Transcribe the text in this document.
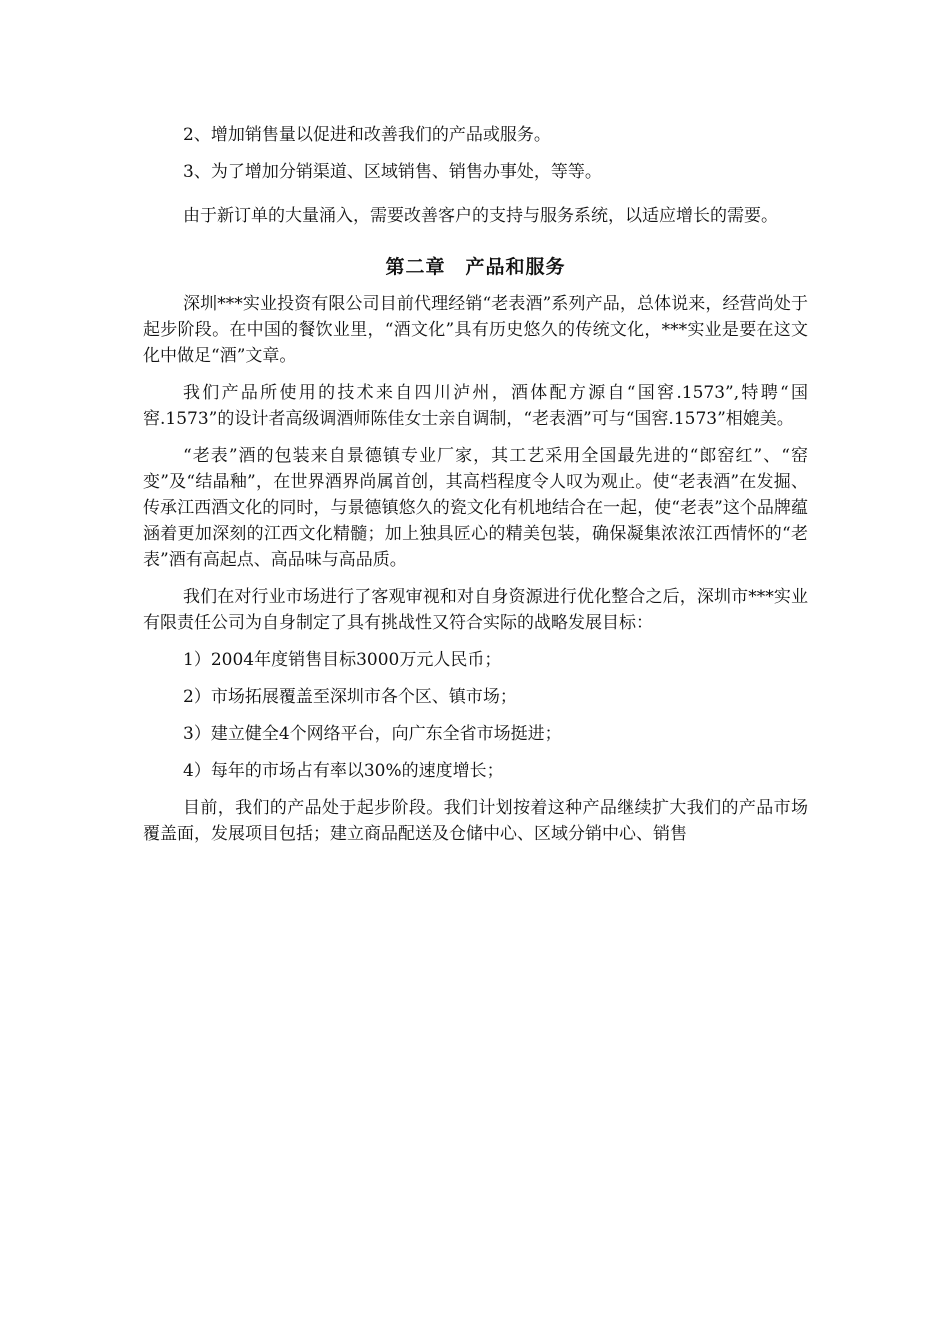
2、增加销售量以促进和改善我们的产品或服务。

3、为了增加分销渠道、区域销售、销售办事处，等等。

由于新订单的大量涌入，需要改善客户的支持与服务系统，以适应增长的需要。

第二章　产品和服务

深圳***实业投资有限公司目前代理经销“老表酒”系列产品，总体说来，经营尚处于起步阶段。在中国的餐饮业里，“酒文化”具有历史悠久的传统文化，***实业是要在这文化中做足“酒”文章。

我们产品所使用的技术来自四川泸州，酒体配方源自“国窖.1573”,特聘“国窖.1573”的设计者高级调酒师陈佳女士亲自调制，“老表酒”可与“国窖.1573”相媲美。

“老表”酒的包装来自景德镇专业厂家，其工艺采用全国最先进的“郎窑红”、“窑变”及“结晶釉”，在世界酒界尚属首创，其高档程度令人叹为观止。使“老表酒”在发掘、传承江西酒文化的同时，与景德镇悠久的瓷文化有机地结合在一起，使“老表”这个品牌蕴涵着更加深刻的江西文化精髓；加上独具匠心的精美包装，确保凝集浓浓江西情怀的“老表”酒有高起点、高品味与高品质。

我们在对行业市场进行了客观审视和对自身资源进行优化整合之后，深圳市***实业有限责任公司为自身制定了具有挑战性又符合实际的战略发展目标：

1）2004年度销售目标3000万元人民币；

2）市场拓展覆盖至深圳市各个区、镇市场；

3）建立健全4个网络平台，向广东全省市场挺进；

4）每年的市场占有率以30%的速度增长；

目前，我们的产品处于起步阶段。我们计划按着这种产品继续扩大我们的产品市场覆盖面，发展项目包括；建立商品配送及仓储中心、区域分销中心、销售
